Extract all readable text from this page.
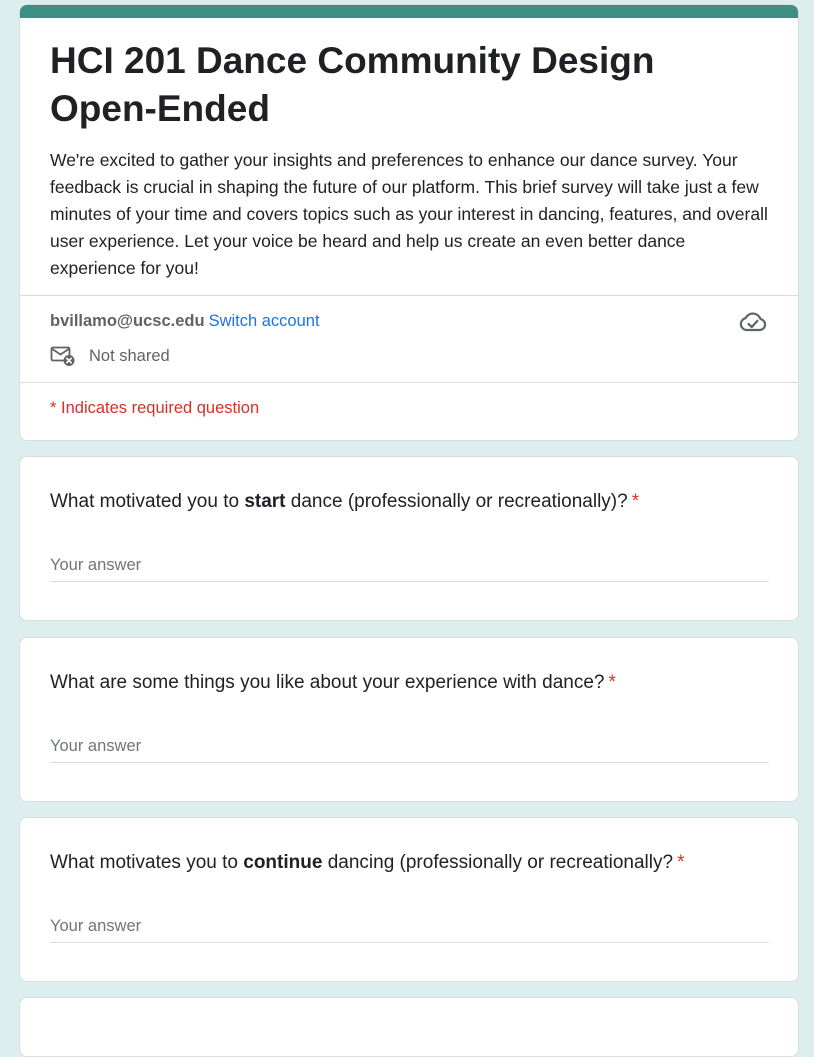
HCI 201 Dance Community Design Open-Ended

We're excited to gather your insights and preferences to enhance our dance survey. Your feedback is crucial in shaping the future of our platform. This brief survey will take just a few minutes of your time and covers topics such as your interest in dancing, features, and overall user experience. Let your voice be heard and help us create an even better dance experience for you!

bvillamo@ucsc.edu Switch account
Not shared
* Indicates required question
What motivated you to start dance (professionally or recreationally)? *
Your answer
What are some things you like about your experience with dance? *
Your answer
What motivates you to continue dancing (professionally or recreationally? *
Your answer
